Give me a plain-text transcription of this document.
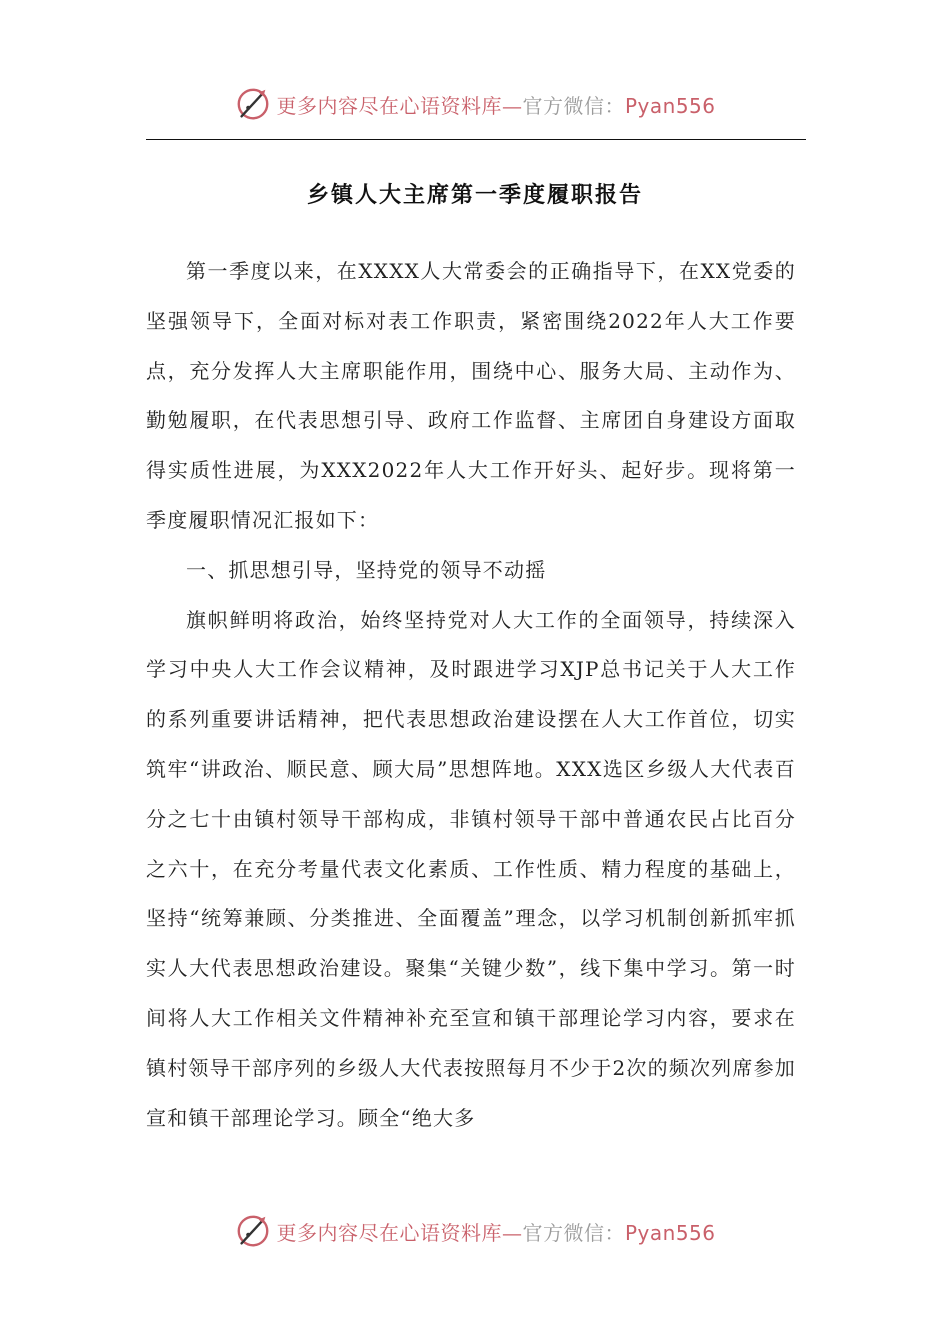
更多内容尽在心语资料库—官方微信：Pyan556
乡镇人大主席第一季度履职报告

第一季度以来，在XXXX人大常委会的正确指导下，在XX党委的坚强领导下，全面对标对表工作职责，紧密围绕2022年人大工作要点，充分发挥人大主席职能作用，围绕中心、服务大局、主动作为、勤勉履职，在代表思想引导、政府工作监督、主席团自身建设方面取得实质性进展，为XXX2022年人大工作开好头、起好步。现将第一季度履职情况汇报如下：

一、抓思想引导，坚持党的领导不动摇

旗帜鲜明将政治，始终坚持党对人大工作的全面领导，持续深入学习中央人大工作会议精神，及时跟进学习XJP总书记关于人大工作的系列重要讲话精神，把代表思想政治建设摆在人大工作首位，切实筑牢“讲政治、顺民意、顾大局”思想阵地。XXX选区乡级人大代表百分之七十由镇村领导干部构成，非镇村领导干部中普通农民占比百分之六十，在充分考量代表文化素质、工作性质、精力程度的基础上，坚持“统筹兼顾、分类推进、全面覆盖”理念，以学习机制创新抓牢抓实人大代表思想政治建设。聚集“关键少数”，线下集中学习。第一时间将人大工作相关文件精神补充至宣和镇干部理论学习内容，要求在镇村领导干部序列的乡级人大代表按照每月不少于2次的频次列席参加宣和镇干部理论学习。顾全“绝大多

更多内容尽在心语资料库—官方微信：Pyan556
